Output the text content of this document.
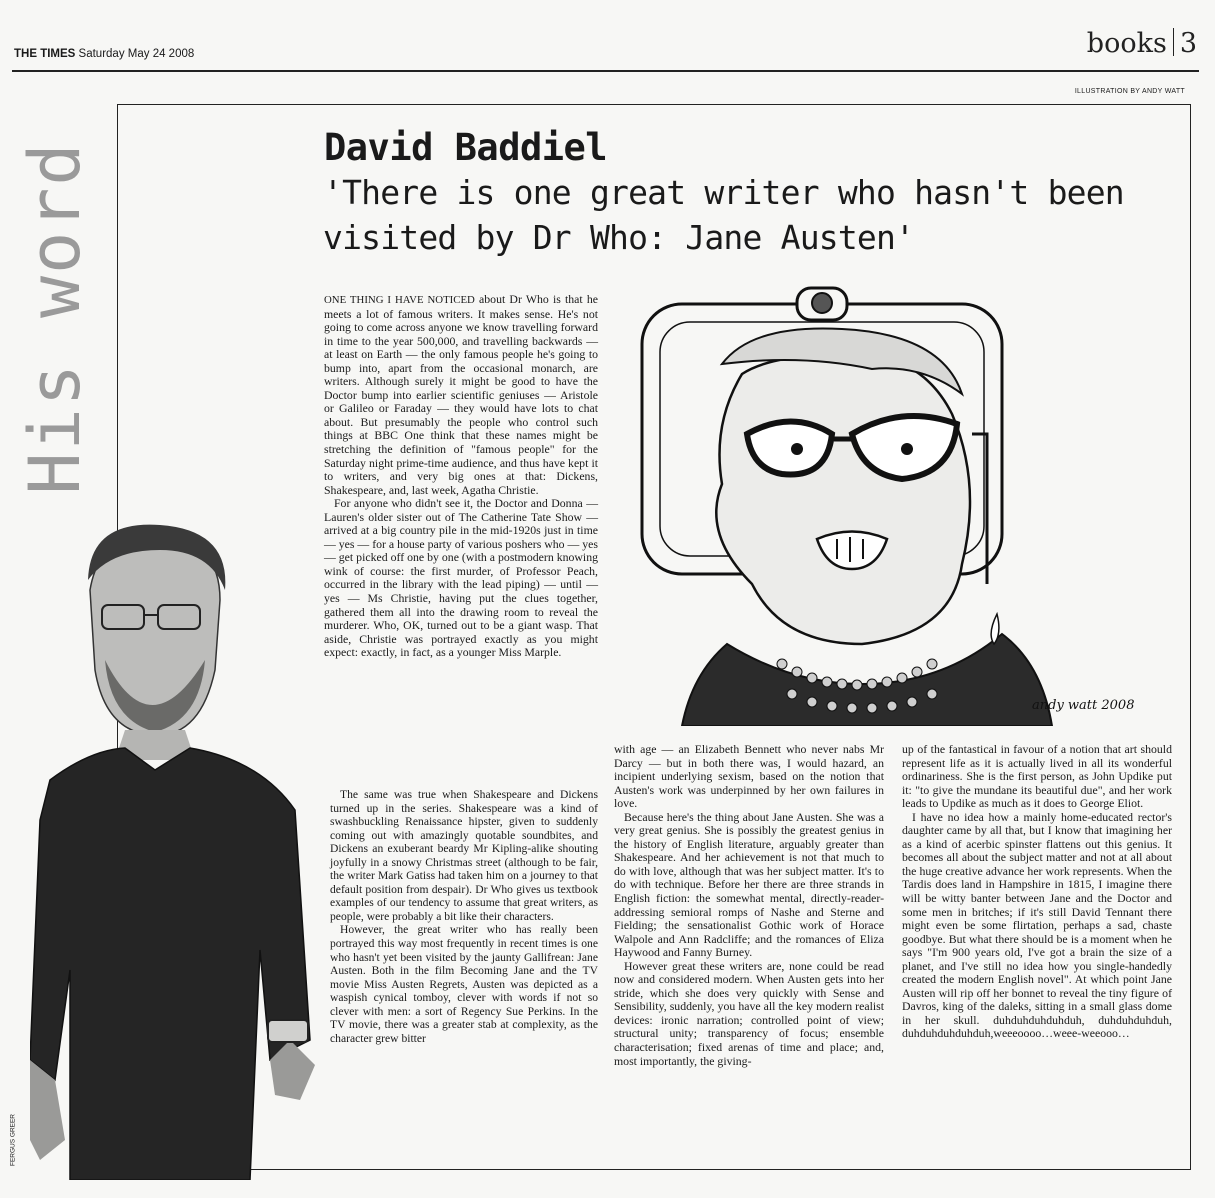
THE TIMES Saturday May 24 2008	books 3
ILLUSTRATION BY ANDY WATT
His word	David Baddiel
'There is one great writer who hasn't been visited by Dr Who: Jane Austen'
andy watt 2008
FERGUS GREER

ONE THING I HAVE NOTICED about Dr Who is that he meets a lot of famous writers. It makes sense. He's not going to come across anyone we know travelling forward in time to the year 500,000, and travelling backwards — at least on Earth — the only famous people he's going to bump into, apart from the occasional monarch, are writers. Although surely it might be good to have the Doctor bump into earlier scientific geniuses — Aristole or Galileo or Faraday — they would have lots to chat about. But presumably the people who control such things at BBC One think that these names might be stretching the definition of "famous people" for the Saturday night prime-time audience, and thus have kept it to writers, and very big ones at that: Dickens, Shakespeare, and, last week, Agatha Christie.

For anyone who didn't see it, the Doctor and Donna — Lauren's older sister out of The Catherine Tate Show —arrived at a big country pile in the mid-1920s just in time — yes — for a house party of various poshers who — yes — get picked off one by one (with a postmodern knowing wink of course: the first murder, of Professor Peach, occurred in the library with the lead piping) — until — yes — Ms Christie, having put the clues together, gathered them all into the drawing room to reveal the murderer. Who, OK, turned out to be a giant wasp. That aside, Christie was portrayed exactly as you might expect: exactly, in fact, as a younger Miss Marple.

The same was true when Shakespeare and Dickens turned up in the series. Shakespeare was a kind of swashbuckling Renaissance hipster, given to suddenly coming out with amazingly quotable soundbites, and Dickens an exuberant beardy Mr Kipling-alike shouting joyfully in a snowy Christmas street (although to be fair, the writer Mark Gatiss had taken him on a journey to that default position from despair). Dr Who gives us textbook examples of our tendency to assume that great writers, as people, were probably a bit like their characters.

However, the great writer who has really been portrayed this way most frequently in recent times is one who hasn't yet been visited by the jaunty Gallifrean: Jane Austen. Both in the film Becoming Jane and the TV movie Miss Austen Regrets, Austen was depicted as a waspish cynical tomboy, clever with words if not so clever with men: a sort of Regency Sue Perkins. In the TV movie, there was a greater stab at complexity, as the character grew bitter

with age — an Elizabeth Bennett who never nabs Mr Darcy — but in both there was, I would hazard, an incipient underlying sexism, based on the notion that Austen's work was underpinned by her own failures in love.

Because here's the thing about Jane Austen. She was a very great genius. She is possibly the greatest genius in the history of English literature, arguably greater than Shakespeare. And her achievement is not that much to do with love, although that was her subject matter. It's to do with technique. Before her there are three strands in English fiction: the somewhat mental, directly-reader-addressing semioral romps of Nashe and Sterne and Fielding; the sensationalist Gothic work of Horace Walpole and Ann Radcliffe; and the romances of Eliza Haywood and Fanny Burney.

However great these writers are, none could be read now and considered modern. When Austen gets into her stride, which she does very quickly with Sense and Sensibility, suddenly, you have all the key modern realist devices: ironic narration; controlled point of view; structural unity; transparency of focus; ensemble characterisation; fixed arenas of time and place; and, most importantly, the giving-

up of the fantastical in favour of a notion that art should represent life as it is actually lived in all its wonderful ordinariness. She is the first person, as John Updike put it: "to give the mundane its beautiful due", and her work leads to Updike as much as it does to George Eliot.

I have no idea how a mainly home-educated rector's daughter came by all that, but I know that imagining her as a kind of acerbic spinster flattens out this genius. It becomes all about the subject matter and not at all about the huge creative advance her work represents. When the Tardis does land in Hampshire in 1815, I imagine there will be witty banter between Jane and the Doctor and some men in britches; if it's still David Tennant there might even be some flirtation, perhaps a sad, chaste goodbye. But what there should be is a moment when he says "I'm 900 years old, I've got a brain the size of a planet, and I've still no idea how you single-handedly created the modern English novel". At which point Jane Austen will rip off her bonnet to reveal the tiny figure of Davros, king of the daleks, sitting in a small glass dome in her skull. duhduhduhduhduh, duhduhduhduh, duhduhduhduhduh,weeeoooo…weee-weeooo…
